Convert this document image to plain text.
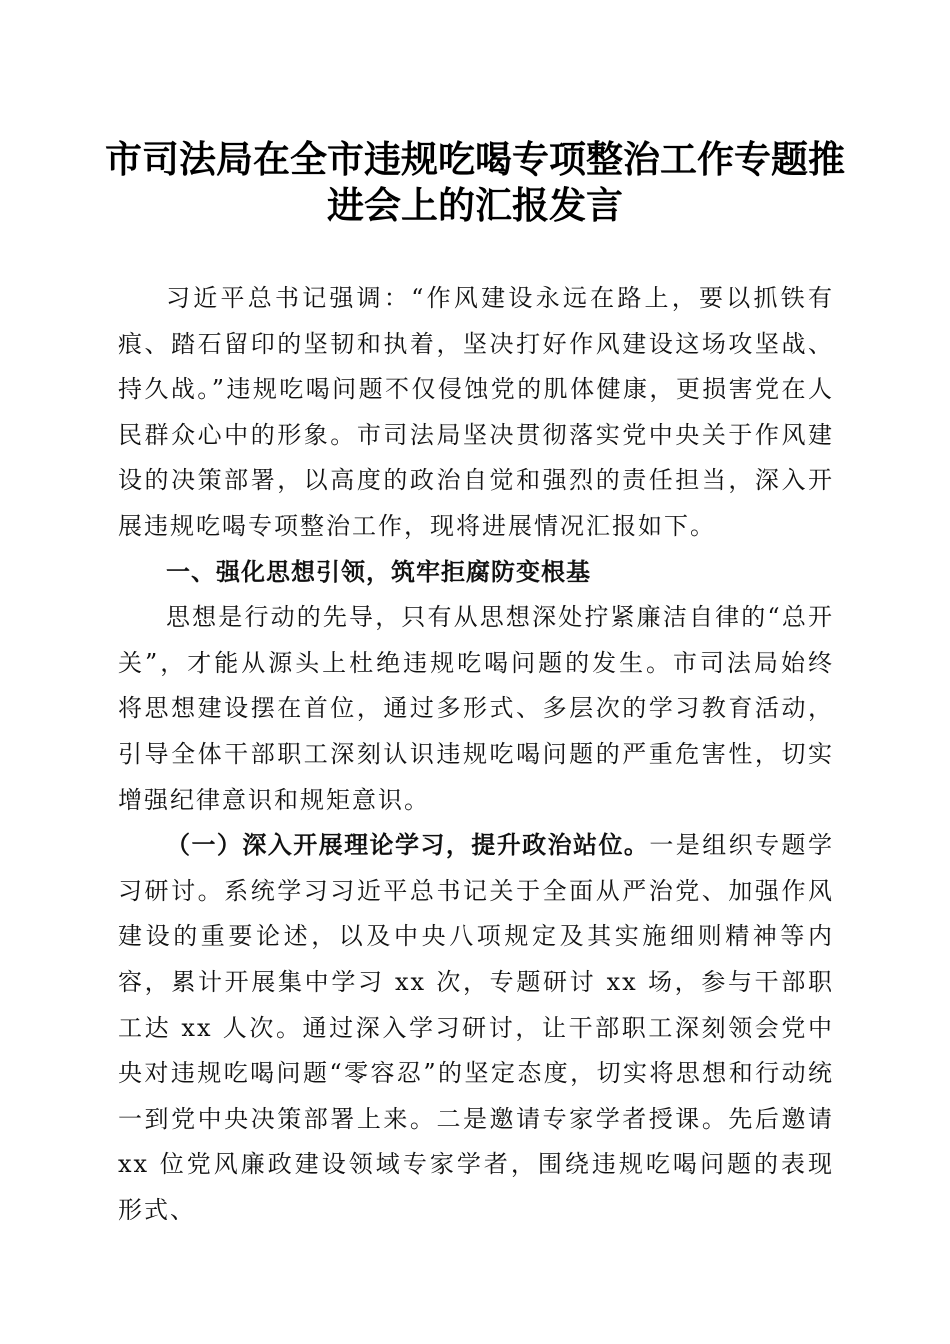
市司法局在全市违规吃喝专项整治工作专题推
进会上的汇报发言

习近平总书记强调：“作风建设永远在路上，要以抓铁有痕、踏石留印的坚韧和执着，坚决打好作风建设这场攻坚战、持久战。”违规吃喝问题不仅侵蚀党的肌体健康，更损害党在人民群众心中的形象。市司法局坚决贯彻落实党中央关于作风建设的决策部署，以高度的政治自觉和强烈的责任担当，深入开展违规吃喝专项整治工作，现将进展情况汇报如下。

一、强化思想引领，筑牢拒腐防变根基

思想是行动的先导，只有从思想深处拧紧廉洁自律的“总开关”，才能从源头上杜绝违规吃喝问题的发生。市司法局始终将思想建设摆在首位，通过多形式、多层次的学习教育活动，引导全体干部职工深刻认识违规吃喝问题的严重危害性，切实增强纪律意识和规矩意识。

（一）深入开展理论学习，提升政治站位。一是组织专题学习研讨。系统学习习近平总书记关于全面从严治党、加强作风建设的重要论述，以及中央八项规定及其实施细则精神等内容，累计开展集中学习 xx 次，专题研讨 xx 场，参与干部职工达 xx 人次。通过深入学习研讨，让干部职工深刻领会党中央对违规吃喝问题“零容忍”的坚定态度，切实将思想和行动统一到党中央决策部署上来。二是邀请专家学者授课。先后邀请 xx 位党风廉政建设领域专家学者，围绕违规吃喝问题的表现形式、
